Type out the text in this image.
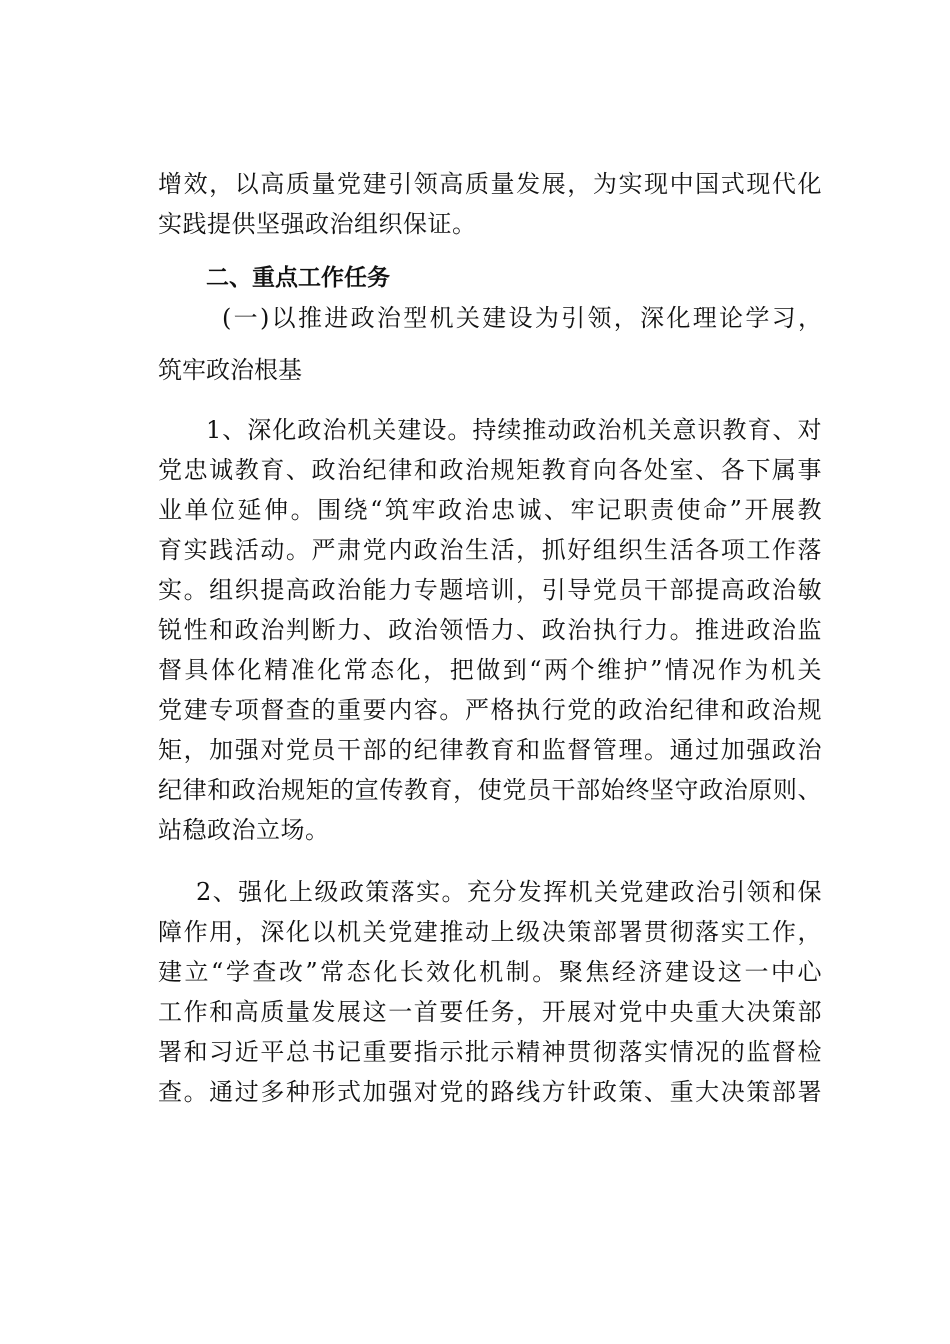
增效，以高质量党建引领高质量发展，为实现中国式现代化
实践提供坚强政治组织保证。
二、重点工作任务
(一)以推进政治型机关建设为引领，深化理论学习，
筑牢政治根基
1、深化政治机关建设。持续推动政治机关意识教育、对
党忠诚教育、政治纪律和政治规矩教育向各处室、各下属事
业单位延伸。围绕“筑牢政治忠诚、牢记职责使命”开展教
育实践活动。严肃党内政治生活，抓好组织生活各项工作落
实。组织提高政治能力专题培训，引导党员干部提高政治敏
锐性和政治判断力、政治领悟力、政治执行力。推进政治监
督具体化精准化常态化，把做到“两个维护”情况作为机关
党建专项督查的重要内容。严格执行党的政治纪律和政治规
矩，加强对党员干部的纪律教育和监督管理。通过加强政治
纪律和政治规矩的宣传教育，使党员干部始终坚守政治原则、
站稳政治立场。
2、强化上级政策落实。充分发挥机关党建政治引领和保
障作用，深化以机关党建推动上级决策部署贯彻落实工作，
建立“学查改”常态化长效化机制。聚焦经济建设这一中心
工作和高质量发展这一首要任务，开展对党中央重大决策部
署和习近平总书记重要指示批示精神贯彻落实情况的监督检
查。通过多种形式加强对党的路线方针政策、重大决策部署
